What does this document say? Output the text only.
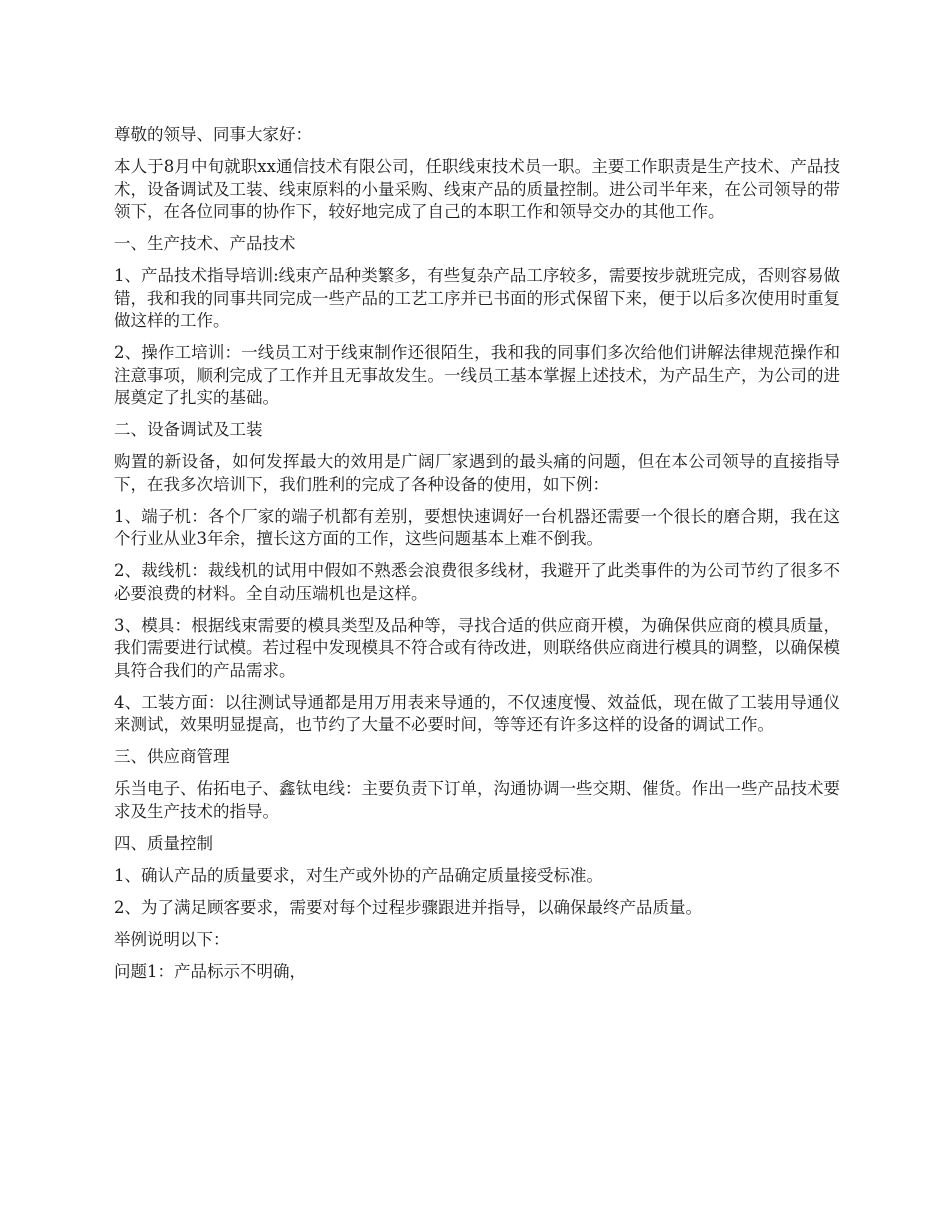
尊敬的领导、同事大家好：

本人于8月中旬就职xx通信技术有限公司，任职线束技术员一职。主要工作职责是生产技术、产品技术，设备调试及工装、线束原料的小量采购、线束产品的质量控制。进公司半年来，在公司领导的带领下，在各位同事的协作下，较好地完成了自己的本职工作和领导交办的其他工作。

一、生产技术、产品技术

1、产品技术指导培训:线束产品种类繁多，有些复杂产品工序较多，需要按步就班完成，否则容易做错，我和我的同事共同完成一些产品的工艺工序并已书面的形式保留下来，便于以后多次使用时重复做这样的工作。

2、操作工培训：一线员工对于线束制作还很陌生，我和我的同事们多次给他们讲解法律规范操作和注意事项，顺利完成了工作并且无事故发生。一线员工基本掌握上述技术，为产品生产，为公司的进展奠定了扎实的基础。

二、设备调试及工装

购置的新设备，如何发挥最大的效用是广阔厂家遇到的最头痛的问题，但在本公司领导的直接指导下，在我多次培训下，我们胜利的完成了各种设备的使用，如下例：

1、端子机：各个厂家的端子机都有差别，要想快速调好一台机器还需要一个很长的磨合期，我在这个行业从业3年余，擅长这方面的工作，这些问题基本上难不倒我。

2、裁线机：裁线机的试用中假如不熟悉会浪费很多线材，我避开了此类事件的为公司节约了很多不必要浪费的材料。全自动压端机也是这样。

3、模具：根据线束需要的模具类型及品种等，寻找合适的供应商开模，为确保供应商的模具质量，我们需要进行试模。若过程中发现模具不符合或有待改进，则联络供应商进行模具的调整，以确保模具符合我们的产品需求。

4、工装方面：以往测试导通都是用万用表来导通的，不仅速度慢、效益低，现在做了工装用导通仪来测试，效果明显提高，也节约了大量不必要时间，等等还有许多这样的设备的调试工作。

三、供应商管理

乐当电子、佑拓电子、鑫钛电线：主要负责下订单，沟通协调一些交期、催货。作出一些产品技术要求及生产技术的指导。

四、质量控制

1、确认产品的质量要求，对生产或外协的产品确定质量接受标准。

2、为了满足顾客要求，需要对每个过程步骤跟进并指导，以确保最终产品质量。

举例说明以下：

问题1：产品标示不明确，
